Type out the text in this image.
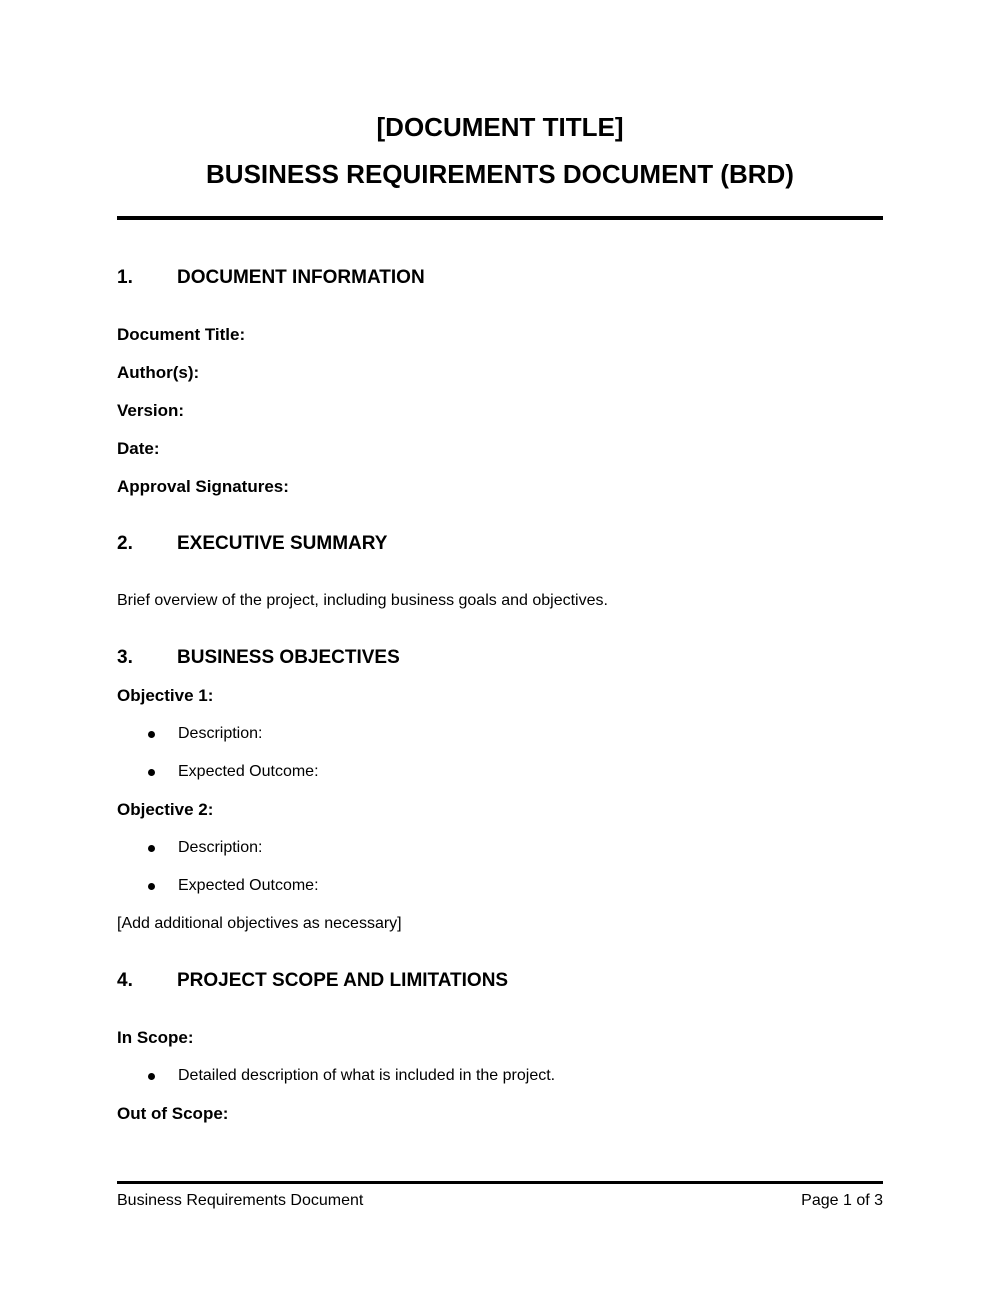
[DOCUMENT TITLE]
BUSINESS REQUIREMENTS DOCUMENT (BRD)
1. DOCUMENT INFORMATION
Document Title:
Author(s):
Version:
Date:
Approval Signatures:
2. EXECUTIVE SUMMARY
Brief overview of the project, including business goals and objectives.
3. BUSINESS OBJECTIVES
Objective 1:
Description:
Expected Outcome:
Objective 2:
Description:
Expected Outcome:
[Add additional objectives as necessary]
4. PROJECT SCOPE AND LIMITATIONS
In Scope:
Detailed description of what is included in the project.
Out of Scope:
Business Requirements Document	Page 1 of 3
